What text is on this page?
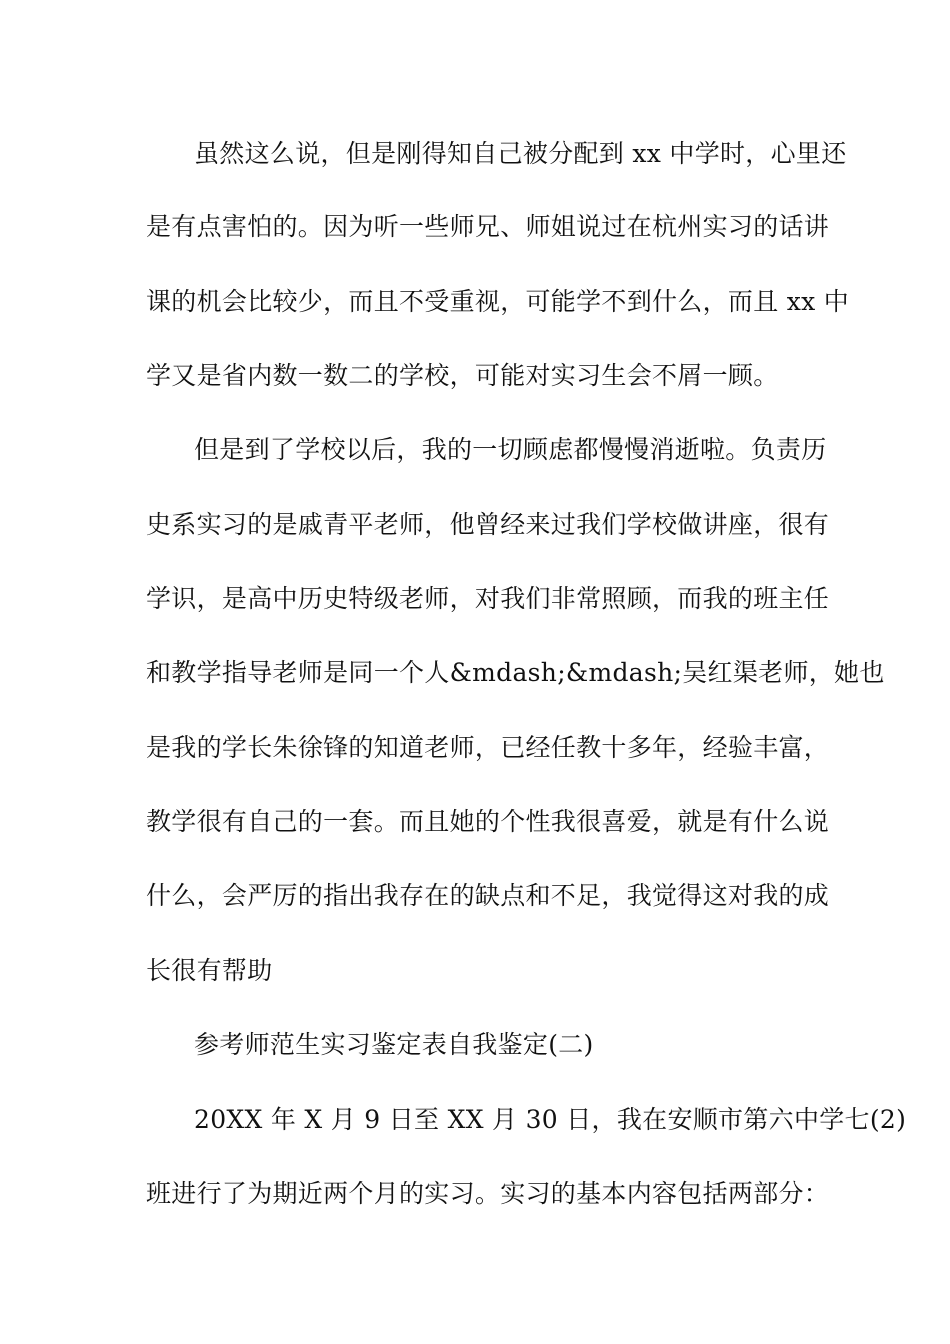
虽然这么说，但是刚得知自己被分配到 xx 中学时，心里还
是有点害怕的。因为听一些师兄、师姐说过在杭州实习的话讲
课的机会比较少，而且不受重视，可能学不到什么，而且 xx 中
学又是省内数一数二的学校，可能对实习生会不屑一顾。
但是到了学校以后，我的一切顾虑都慢慢消逝啦。负责历
史系实习的是戚青平老师，他曾经来过我们学校做讲座，很有
学识，是高中历史特级老师，对我们非常照顾，而我的班主任
和教学指导老师是同一个人&mdash;&mdash;吴红渠老师，她也
是我的学长朱徐锋的知道老师，已经任教十多年，经验丰富，
教学很有自己的一套。而且她的个性我很喜爱，就是有什么说
什么，会严厉的指出我存在的缺点和不足，我觉得这对我的成
长很有帮助
参考师范生实习鉴定表自我鉴定(二)
20XX 年 X 月 9 日至 XX 月 30 日，我在安顺市第六中学七(2)
班进行了为期近两个月的实习。实习的基本内容包括两部分：
